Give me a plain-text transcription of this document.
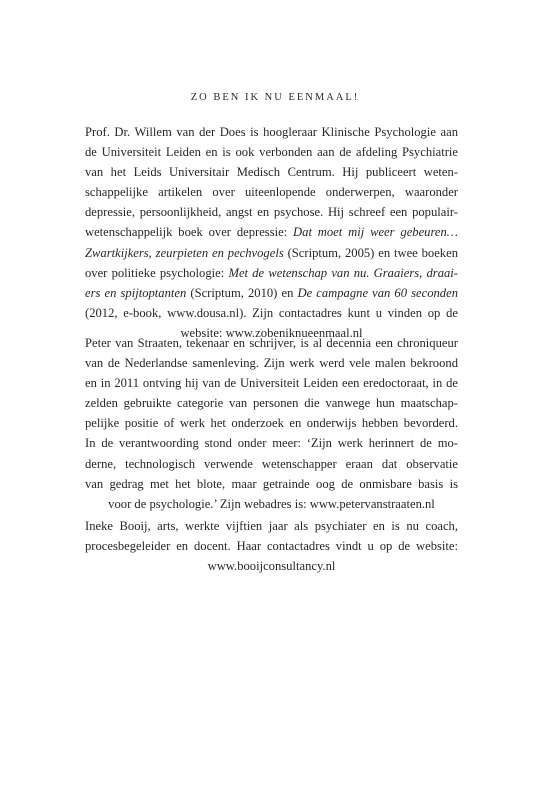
ZO BEN IK NU EENMAAL!

Prof. Dr. Willem van der Does is hoogleraar Klinische Psychologie aan
de Universiteit Leiden en is ook verbonden aan de afdeling Psychiatrie
van het Leids Universitair Medisch Centrum. Hij publiceert weten-
schappelijke artikelen over uiteenlopende onderwerpen, waaronder
depressie, persoonlijkheid, angst en psychose. Hij schreef een populair-
wetenschappelijk boek over depressie: Dat moet mij weer gebeuren…
Zwartkijkers, zeurpieten en pechvogels (Scriptum, 2005) en twee boeken
over politieke psychologie: Met de wetenschap van nu. Graaiers, draai-
ers en spijtoptanten (Scriptum, 2010) en De campagne van 60 seconden
(2012, e-book, www.dousa.nl). Zijn contactadres kunt u vinden op de
website: www.zobeniknueenmaal.nl

Peter van Straaten, tekenaar en schrijver, is al decennia een chroniqueur
van de Nederlandse samenleving. Zijn werk werd vele malen bekroond
en in 2011 ontving hij van de Universiteit Leiden een eredoctoraat, in de
zelden gebruikte categorie van personen die vanwege hun maatschap-
pelijke positie of werk het onderzoek en onderwijs hebben bevorderd.
In de verantwoording stond onder meer: ‘Zijn werk herinnert de mo-
derne, technologisch verwende wetenschapper eraan dat observatie
van gedrag met het blote, maar getrainde oog de onmisbare basis is
voor de psychologie.’ Zijn webadres is: www.petervanstraaten.nl

Ineke Booij, arts, werkte vijftien jaar als psychiater en is nu coach,
procesbegeleider en docent. Haar contactadres vindt u op de website:
www.booijconsultancy.nl
